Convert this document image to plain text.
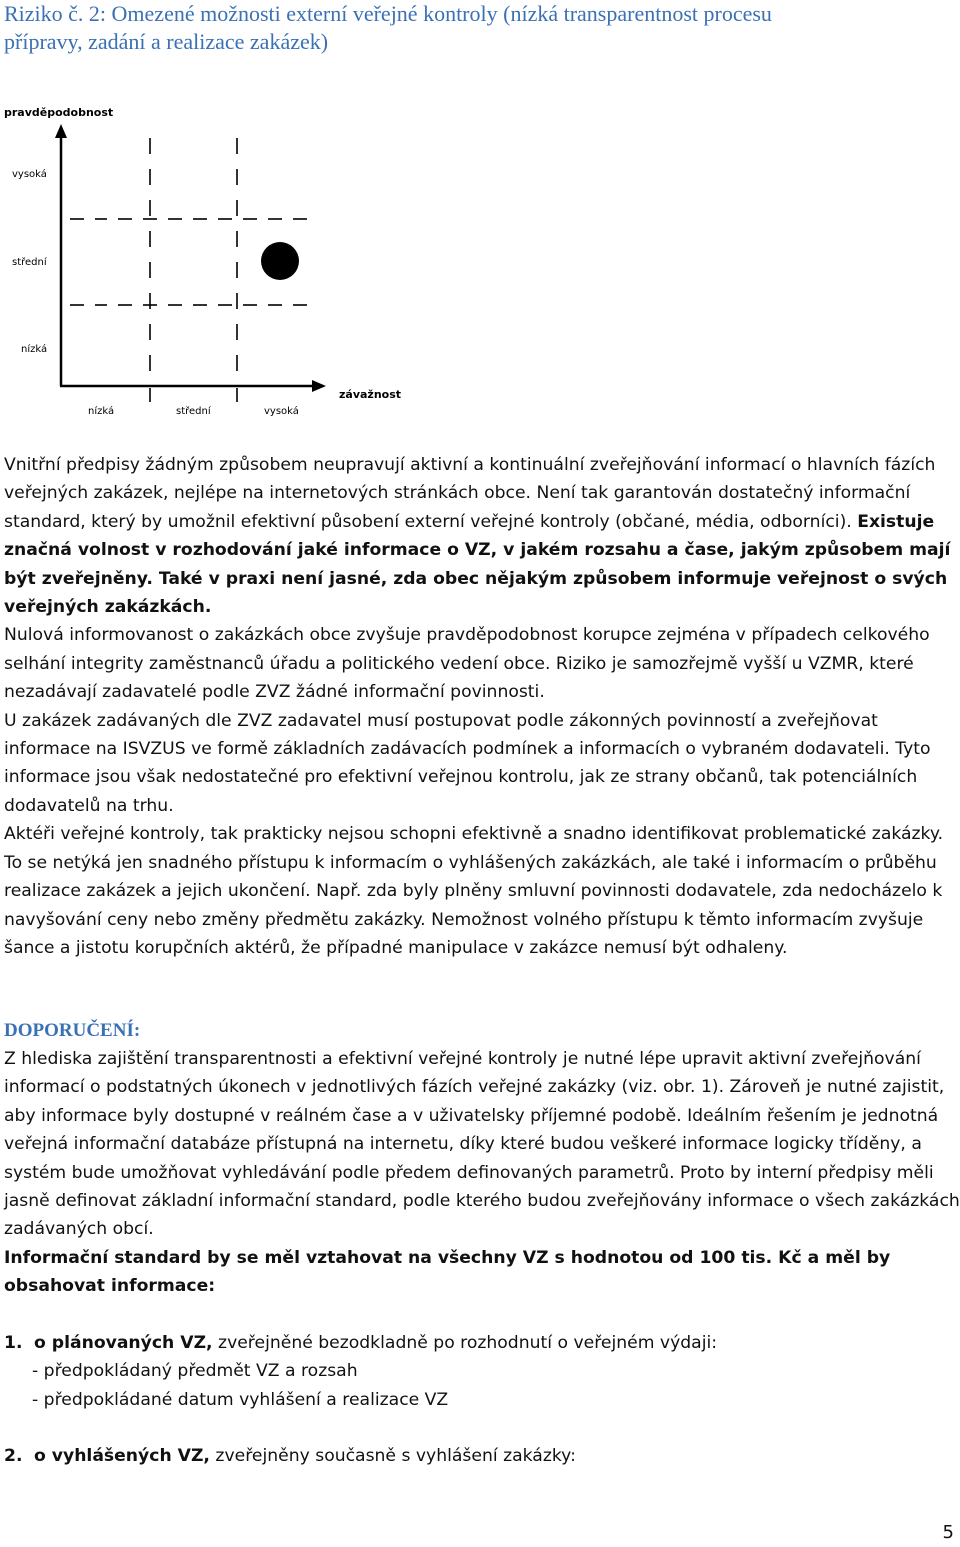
Riziko č. 2: Omezené možnosti externí veřejné kontroly (nízká transparentnost procesu
přípravy, zadání a realizace zakázek)
pravděpodobnost
vysoká
střední
nízká
závažnost
nízká	střední	vysoká

Vnitřní předpisy žádným způsobem neupravují aktivní a kontinuální zveřejňování informací o hlavních fázích veřejných zakázek, nejlépe na internetových stránkách obce. Není tak garantován dostatečný informační standard, který by umožnil efektivní působení externí veřejné kontroly (občané, média, odborníci). Existuje značná volnost v rozhodování jaké informace o VZ, v jakém rozsahu a čase, jakým způsobem mají být zveřejněny. Také v praxi není jasné, zda obec nějakým způsobem informuje veřejnost o svých veřejných zakázkách.

Nulová informovanost o zakázkách obce zvyšuje pravděpodobnost korupce zejména v případech celkového selhání integrity zaměstnanců úřadu a politického vedení obce. Riziko je samozřejmě vyšší u VZMR, které nezadávají zadavatelé podle ZVZ žádné informační povinnosti.

U zakázek zadávaných dle ZVZ zadavatel musí postupovat podle zákonných povinností a zveřejňovat informace na ISVZUS ve formě základních zadávacích podmínek a informacích o vybraném dodavateli. Tyto informace jsou však nedostatečné pro efektivní veřejnou kontrolu, jak ze strany občanů, tak potenciálních dodavatelů na trhu.

Aktéři veřejné kontroly, tak prakticky nejsou schopni efektivně a snadno identifikovat problematické zakázky. To se netýká jen snadného přístupu k informacím o vyhlášených zakázkách, ale také i informacím o průběhu realizace zakázek a jejich ukončení. Např. zda byly plněny smluvní povinnosti dodavatele, zda nedocházelo k navyšování ceny nebo změny předmětu zakázky. Nemožnost volného přístupu k těmto informacím zvyšuje šance a jistotu korupčních aktérů, že případné manipulace v zakázce nemusí být odhaleny.

DOPORUČENÍ:

Z hlediska zajištění transparentnosti a efektivní veřejné kontroly je nutné lépe upravit aktivní zveřejňování informací o podstatných úkonech v jednotlivých fázích veřejné zakázky (viz. obr. 1). Zároveň je nutné zajistit, aby informace byly dostupné v reálném čase a v uživatelsky příjemné podobě. Ideálním řešením je jednotná veřejná informační databáze přístupná na internetu, díky které budou veškeré informace logicky tříděny, a systém bude umožňovat vyhledávání podle předem definovaných parametrů. Proto by interní předpisy měli jasně definovat základní informační standard, podle kterého budou zveřejňovány informace o všech zakázkách zadávaných obcí.

Informační standard by se měl vztahovat na všechny VZ s hodnotou od 100 tis. Kč a měl by obsahovat informace:

1. o plánovaných VZ, zveřejněné bezodkladně po rozhodnutí o veřejném výdaji:
- předpokládaný předmět VZ a rozsah
- předpokládané datum vyhlášení a realizace VZ
2. o vyhlášených VZ, zveřejněny současně s vyhlášení zakázky:
5
